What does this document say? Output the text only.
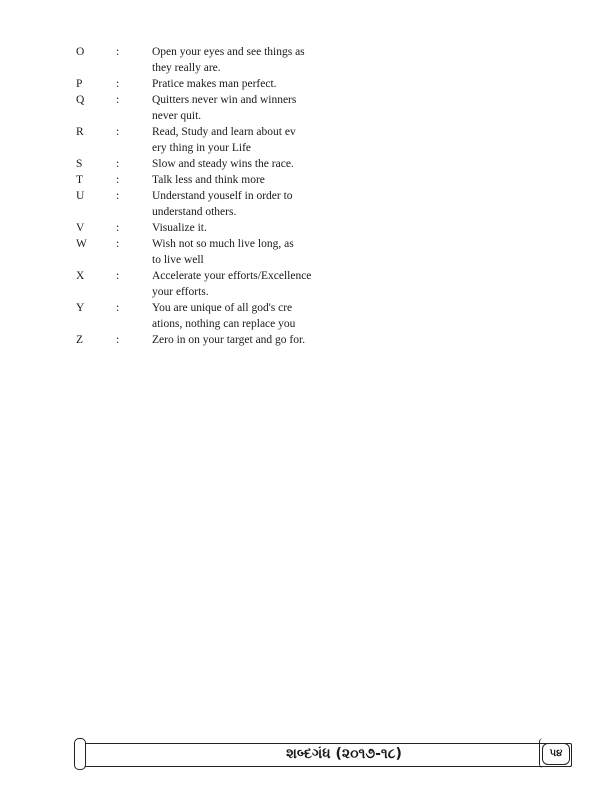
O	:	Open your eyes and see things as
they really are.
P	:	Pratice makes man perfect.
Q	:	Quitters never win and winners
never quit.
R	:	Read, Study and learn about ev
ery thing in your Life
S	:	Slow and steady wins the race.
T	:	Talk less and think more
U	:	Understand youself in order to
understand others.
V	:	Visualize it.
W	:	Wish not so much live long, as
to live well
X	:	Accelerate your efforts/Excellence
your efforts.
Y	:	You are unique of all god's cre
ations, nothing can replace you
Z	:	Zero in on your target and go for.
શબ્દગંધ (૨૦૧૭-૧૮)	૫૪
